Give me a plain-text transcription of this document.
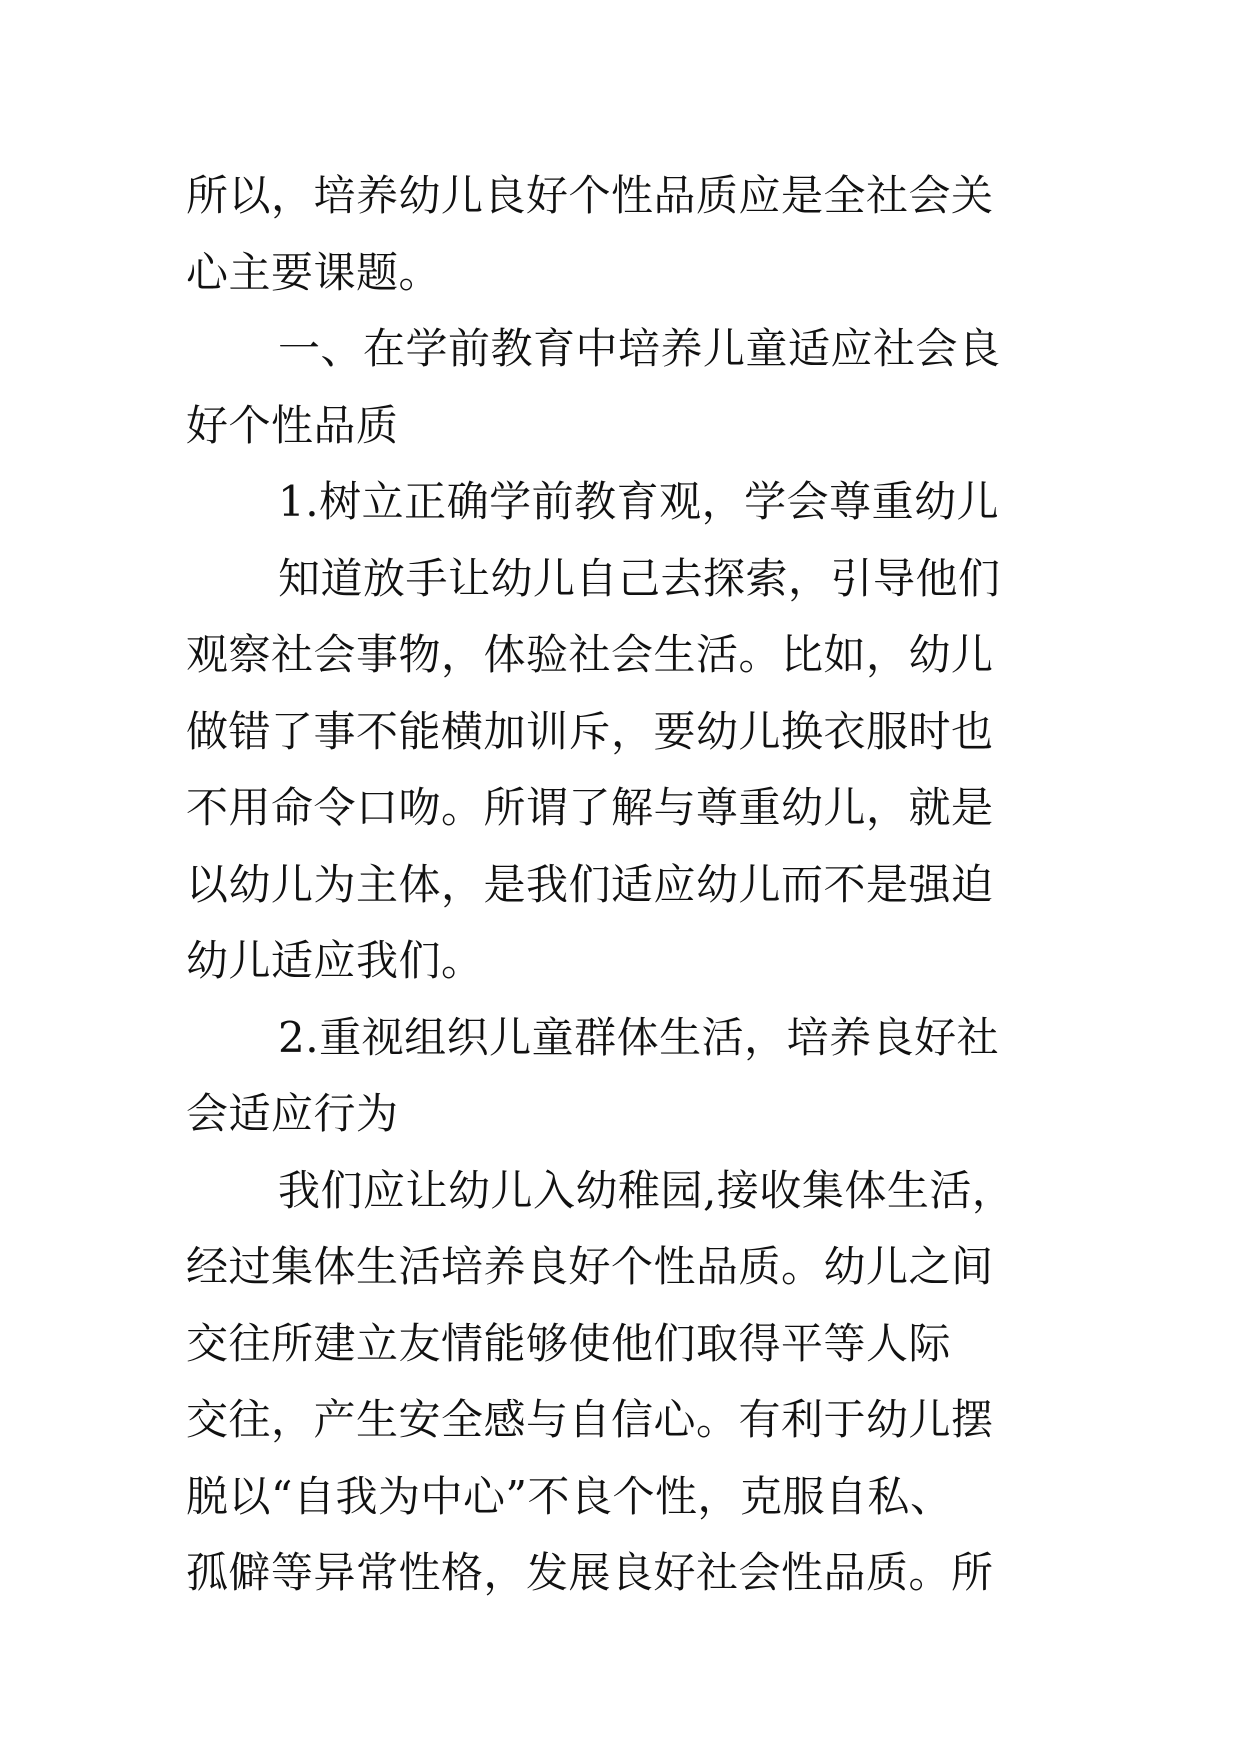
所以，培养幼儿良好个性品质应是全社会关
心主要课题。
一、在学前教育中培养儿童适应社会良
好个性品质
1.树立正确学前教育观，学会尊重幼儿
知道放手让幼儿自己去探索，引导他们
观察社会事物，体验社会生活。比如，幼儿
做错了事不能横加训斥，要幼儿换衣服时也
不用命令口吻。所谓了解与尊重幼儿，就是
以幼儿为主体，是我们适应幼儿而不是强迫
幼儿适应我们。
2.重视组织儿童群体生活，培养良好社
会适应行为
我们应让幼儿入幼稚园,接收集体生活，
经过集体生活培养良好个性品质。幼儿之间
交往所建立友情能够使他们取得平等人际
交往，产生安全感与自信心。有利于幼儿摆
脱以“自我为中心”不良个性，克服自私、
孤僻等异常性格，发展良好社会性品质。所
